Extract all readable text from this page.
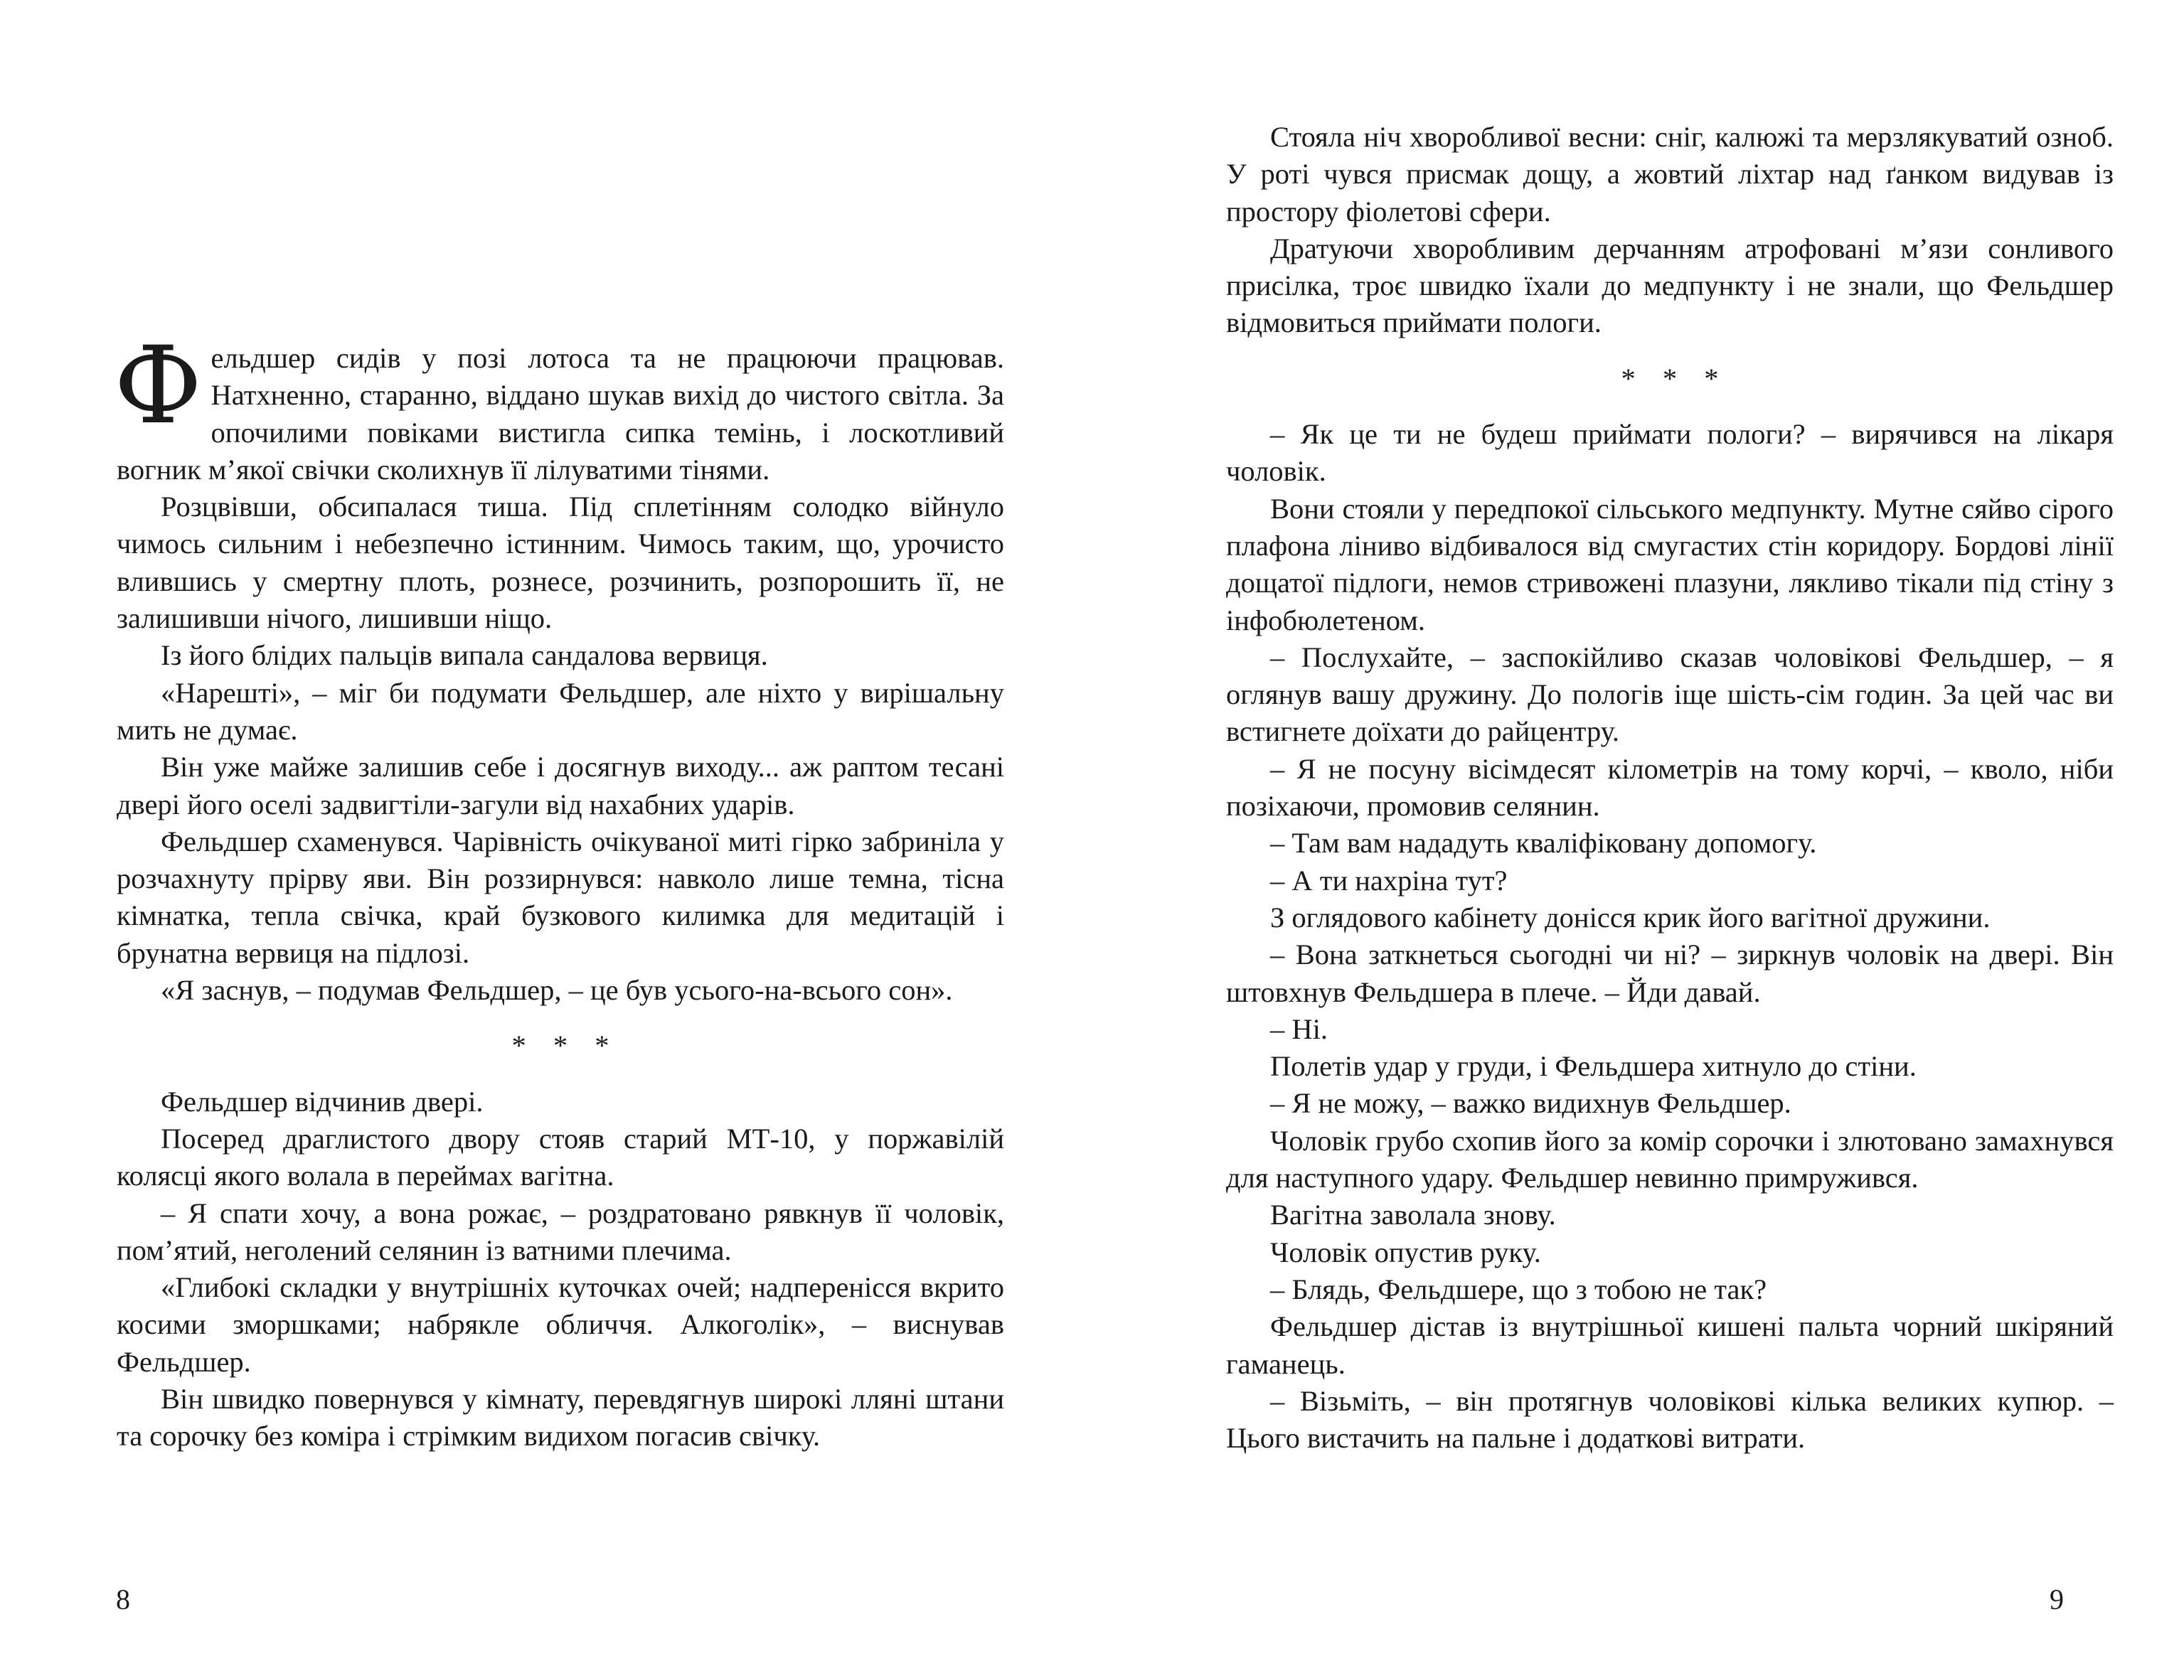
Фельдшер сидів у позі лотоса та не працюючи працював. Натхненно, старанно, віддано шукав вихід до чистого світла. За опочилими повіками вистигла сипка темінь, і лоскотливий вогник м’якої свічки сколихнув її лілуватими тінями.

Розцвівши, обсипалася тиша. Під сплетінням солодко війнуло чимось сильним і небезпечно істинним. Чимось таким, що, урочисто влившись у смертну плоть, рознесе, розчинить, розпорошить її, не залишивши нічого, лишивши ніщо.

Із його блідих пальців випала сандалова вервиця.

«Нарешті», – міг би подумати Фельдшер, але ніхто у вирішальну мить не думає.

Він уже майже залишив себе і досягнув виходу... аж раптом тесані двері його оселі задвигтіли-загули від нахабних ударів.

Фельдшер схаменувся. Чарівність очікуваної миті гірко забриніла у розчахнуту прірву яви. Він роззирнувся: навколо лише темна, тісна кімнатка, тепла свічка, край бузкового килимка для медитацій і брунатна вервиця на підлозі.

«Я заснув, – подумав Фельдшер, – це був усього-на-всього сон».

* * *

Фельдшер відчинив двері.

Посеред драглистого двору стояв старий МТ-10, у поржавілій колясці якого волала в переймах вагітна.

– Я спати хочу, а вона рожає, – роздратовано рявкнув її чоловік, пом’ятий, неголений селянин із ватними плечима.

«Глибокі складки у внутрішніх куточках очей; надперенісся вкрито косими зморшками; набрякле обличчя. Алкоголік», – виснував Фельдшер.

Він швидко повернувся у кімнату, перевдягнув широкі лляні штани та сорочку без коміра і стрімким видихом погасив свічку.

8	9

Стояла ніч хворобливої весни: сніг, калюжі та мерзлякуватий озноб. У роті чувся присмак дощу, а жовтий ліхтар над ґанком видував із простору фіолетові сфери.

Дратуючи хворобливим дерчанням атрофовані м’язи сонливого присілка, троє швидко їхали до медпункту і не знали, що Фельдшер відмовиться приймати пологи.

* * *

– Як це ти не будеш приймати пологи? – вирячився на лікаря чоловік.

Вони стояли у передпокої сільського медпункту. Мутне сяйво сірого плафона ліниво відбивалося від смугастих стін коридору. Бордові лінії дощатої підлоги, немов стривожені плазуни, лякливо тікали під стіну з інфобюлетеном.

– Послухайте, – заспокійливо сказав чоловікові Фельдшер, – я оглянув вашу дружину. До пологів іще шість-сім годин. За цей час ви встигнете доїхати до райцентру.

– Я не посуну вісімдесят кілометрів на тому корчі, – кволо, ніби позіхаючи, промовив селянин.

– Там вам нададуть кваліфіковану допомогу.

– А ти нахріна тут?

З оглядового кабінету донісся крик його вагітної дружини.

– Вона заткнеться сьогодні чи ні? – зиркнув чоловік на двері. Він штовхнув Фельдшера в плече. – Йди давай.

– Ні.

Полетів удар у груди, і Фельдшера хитнуло до стіни.

– Я не можу, – важко видихнув Фельдшер.

Чоловік грубо схопив його за комір сорочки і злютовано замахнувся для наступного удару. Фельдшер невинно примружився.

Вагітна заволала знову.

Чоловік опустив руку.

– Блядь, Фельдшере, що з тобою не так?

Фельдшер дістав із внутрішньої кишені пальта чорний шкіряний гаманець.

– Візьміть, – він протягнув чоловікові кілька великих купюр. – Цього вистачить на пальне і додаткові витрати.
